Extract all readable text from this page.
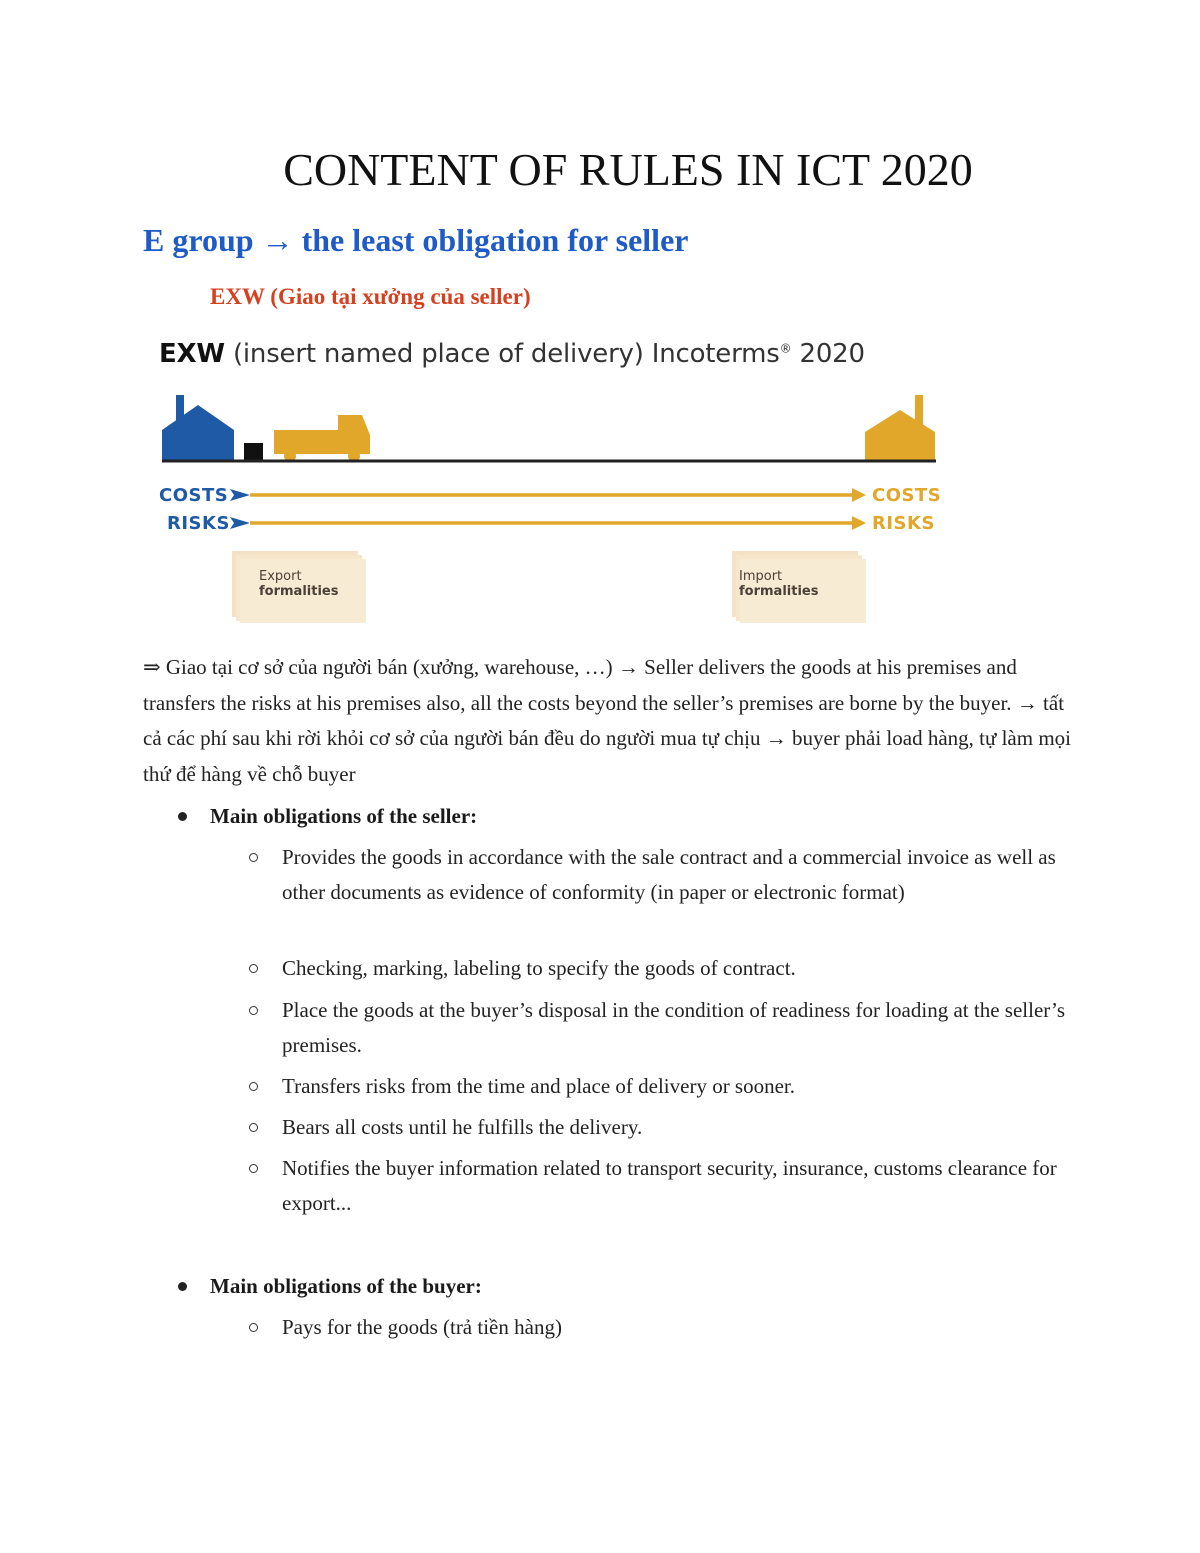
CONTENT OF RULES IN ICT 2020
E group → the least obligation for seller
EXW (Giao tại xưởng của seller)
EXW (insert named place of delivery) Incoterms® 2020
COSTS
RISKS
COSTS
RISKS
Export
formalities
Import
formalities

⇒ Giao tại cơ sở của người bán (xưởng, warehouse, …) → Seller delivers the goods at his premises and transfers the risks at his premises also, all the costs beyond the seller’s premises are borne by the buyer. → tất cả các phí sau khi rời khỏi cơ sở của người bán đều do người mua tự chịu → buyer phải load hàng, tự làm mọi thứ để hàng về chỗ buyer

Main obligations of the seller:
Provides the goods in accordance with the sale contract and a commercial invoice as well as other documents as evidence of conformity (in paper or electronic format)
Checking, marking, labeling to specify the goods of contract.
Place the goods at the buyer’s disposal in the condition of readiness for loading at the seller’s premises.
Transfers risks from the time and place of delivery or sooner.
Bears all costs until he fulfills the delivery.
Notifies the buyer information related to transport security, insurance, customs clearance for export...
Main obligations of the buyer:
Pays for the goods (trả tiền hàng)
